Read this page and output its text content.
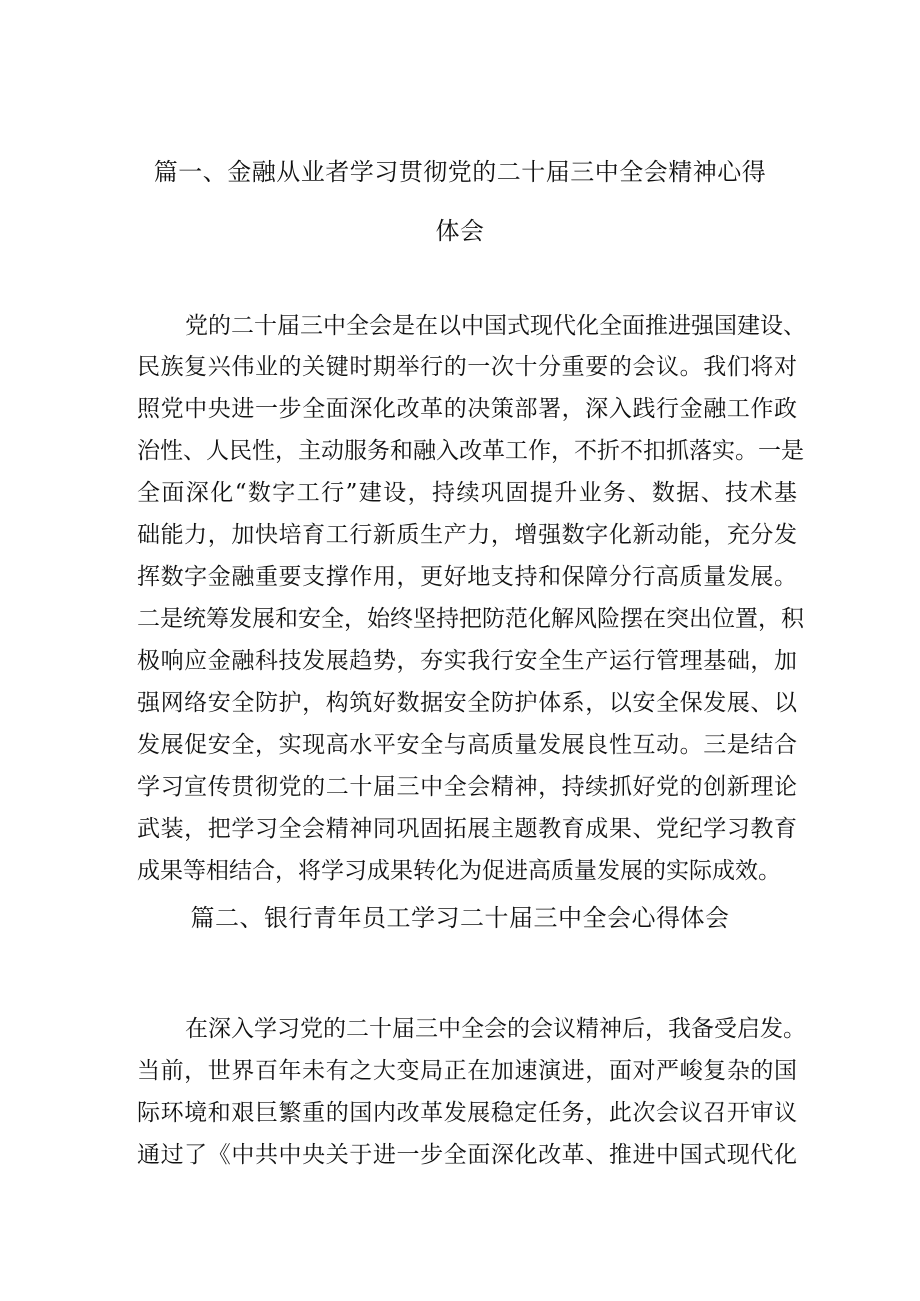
篇一、金融从业者学习贯彻党的二十届三中全会精神心得
体会
党的二十届三中全会是在以中国式现代化全面推进强国建设、
民族复兴伟业的关键时期举行的一次十分重要的会议。我们将对
照党中央进一步全面深化改革的决策部署，深入践行金融工作政
治性、人民性，主动服务和融入改革工作，不折不扣抓落实。一是
全面深化“数字工行”建设，持续巩固提升业务、数据、技术基
础能力，加快培育工行新质生产力，增强数字化新动能，充分发
挥数字金融重要支撑作用，更好地支持和保障分行高质量发展。
二是统筹发展和安全，始终坚持把防范化解风险摆在突出位置，积
极响应金融科技发展趋势，夯实我行安全生产运行管理基础，加
强网络安全防护，构筑好数据安全防护体系，以安全保发展、以
发展促安全，实现高水平安全与高质量发展良性互动。三是结合
学习宣传贯彻党的二十届三中全会精神，持续抓好党的创新理论
武装，把学习全会精神同巩固拓展主题教育成果、党纪学习教育
成果等相结合，将学习成果转化为促进高质量发展的实际成效。
篇二、银行青年员工学习二十届三中全会心得体会
在深入学习党的二十届三中全会的会议精神后，我备受启发。
当前，世界百年未有之大变局正在加速演进，面对严峻复杂的国
际环境和艰巨繁重的国内改革发展稳定任务，此次会议召开审议
通过了《中共中央关于进一步全面深化改革、推进中国式现代化
